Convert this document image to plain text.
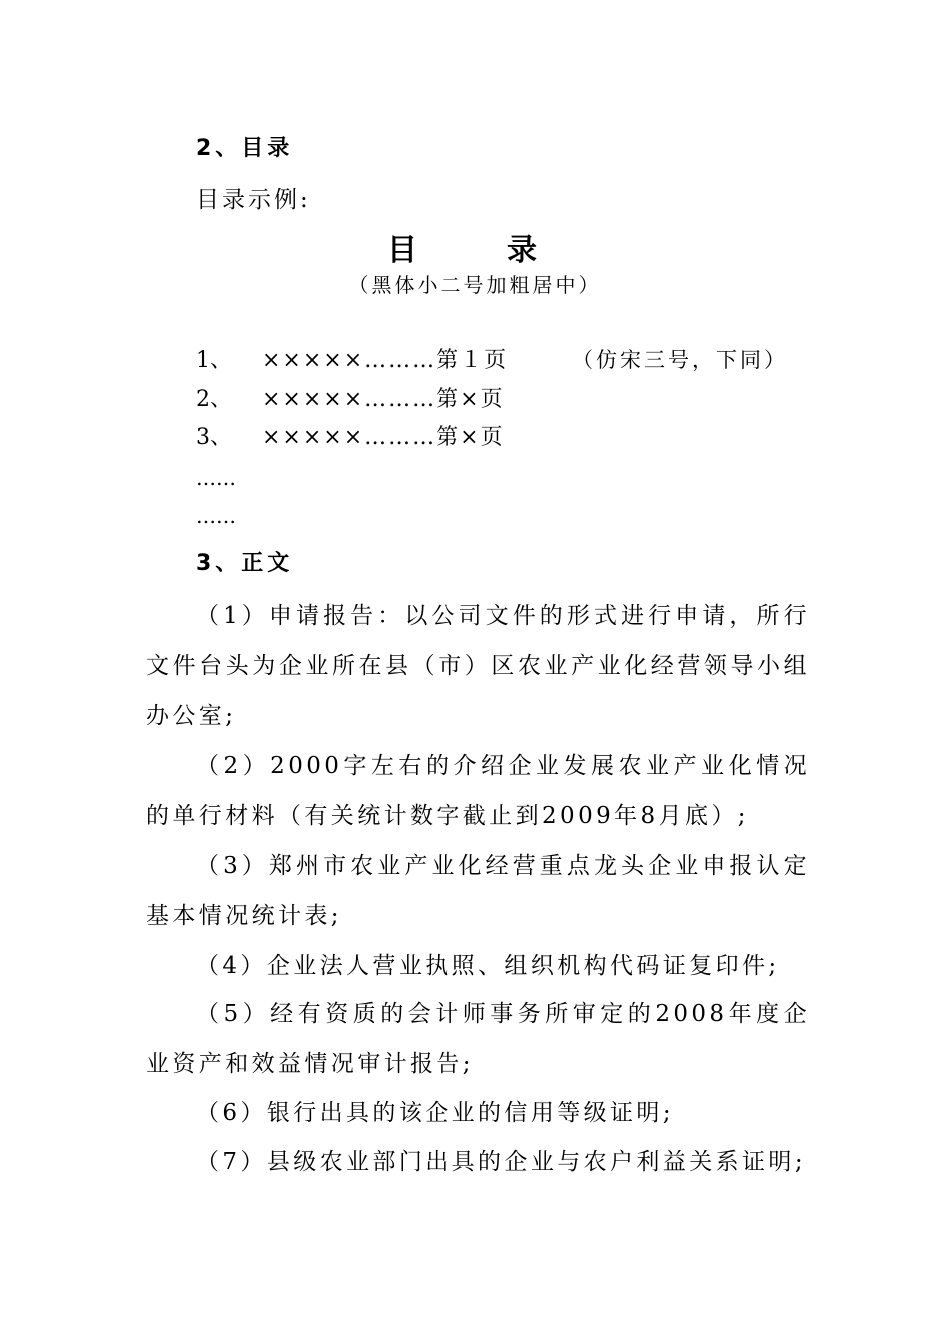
2、目录
目录示例:
目　录
（黑体小二号加粗居中）
1、 ×××××………第１页	（仿宋三号，下同）
2、 ×××××………第×页
3、 ×××××………第×页
……
……
3、正文

（1）申请报告：以公司文件的形式进行申请，所行文件台头为企业所在县（市）区农业产业化经营领导小组办公室;

（2）2000字左右的介绍企业发展农业产业化情况的单行材料（有关统计数字截止到2009年8月底）;

（3）郑州市农业产业化经营重点龙头企业申报认定基本情况统计表;

（4）企业法人营业执照、组织机构代码证复印件;

（5）经有资质的会计师事务所审定的2008年度企业资产和效益情况审计报告;

（6）银行出具的该企业的信用等级证明;

（7）县级农业部门出具的企业与农户利益关系证明;
